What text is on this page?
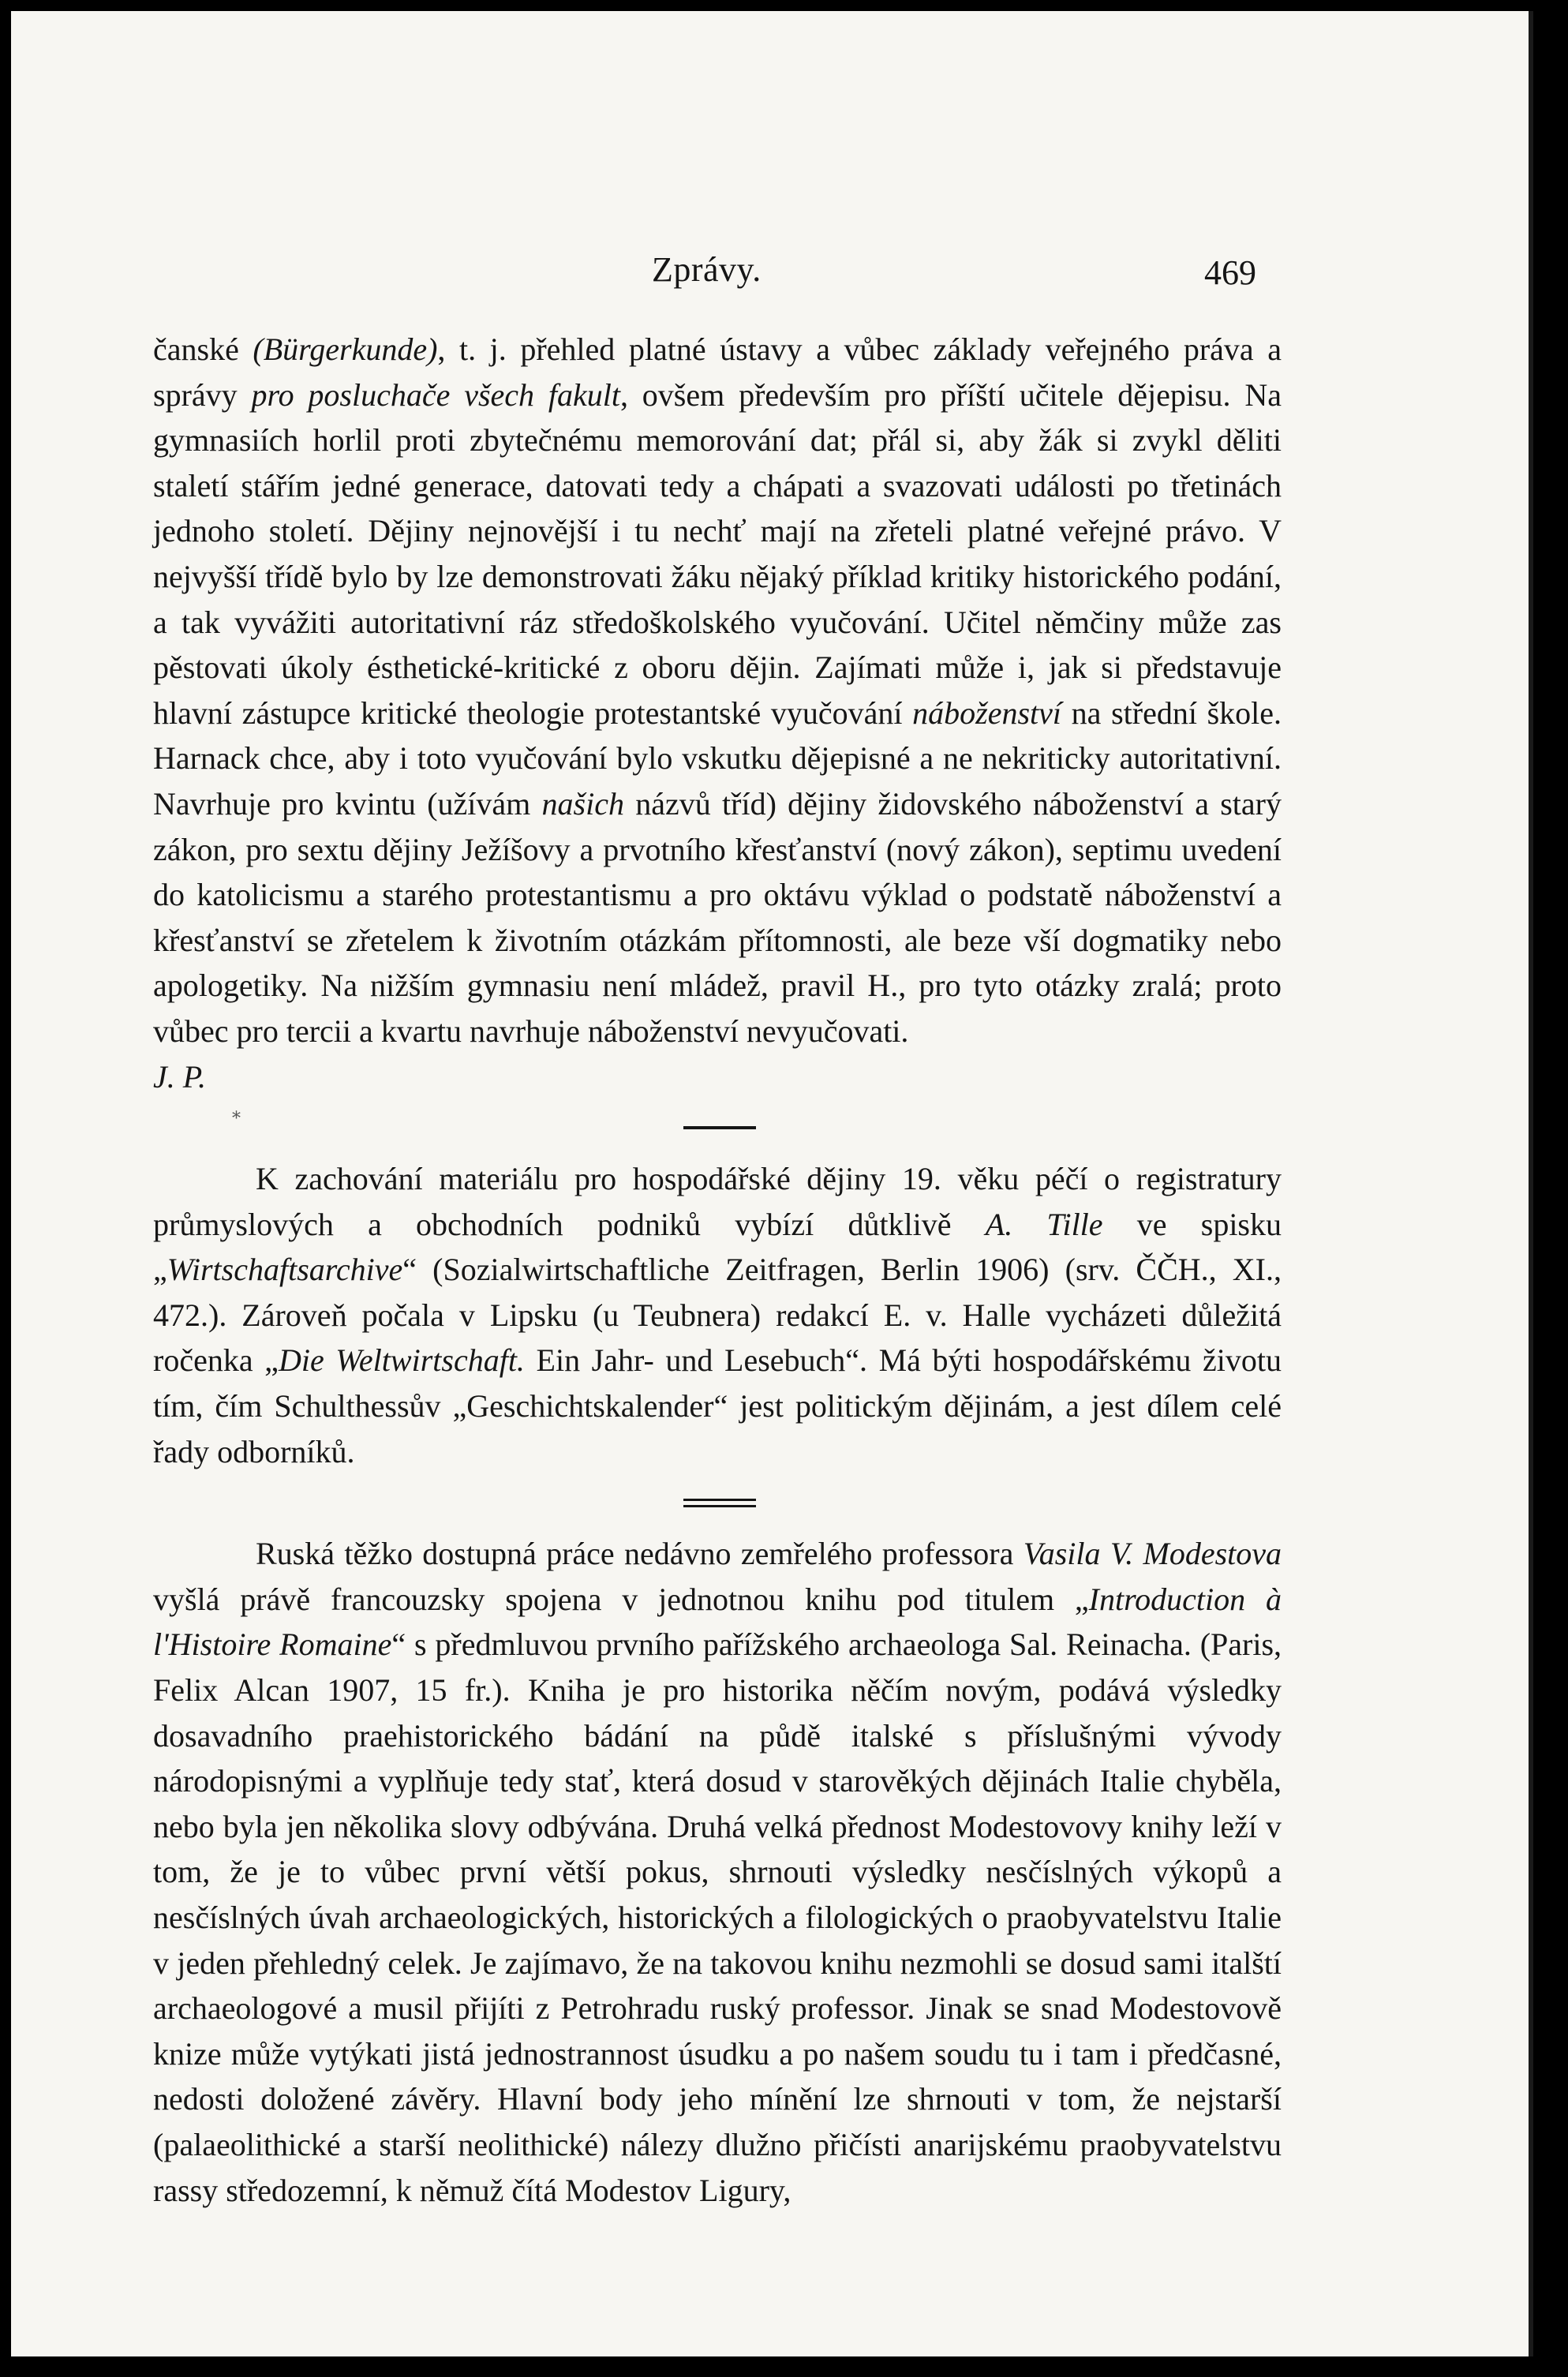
Zprávy.	469
⁎

čanské (Bürgerkunde), t. j. přehled platné ústavy a vůbec základy veřejného práva a správy pro posluchače všech fakult, ovšem především pro příští učitele dějepisu. Na gymnasiích horlil proti zbytečnému memorování dat; přál si, aby žák si zvykl děliti staletí stářím jedné generace, datovati tedy a chápati a svazovati události po třetinách jednoho století. Dějiny nejnovější i tu nechť mají na zřeteli platné veřejné právo. V nejvyšší třídě bylo by lze demonstrovati žáku nějaký příklad kritiky historického podání, a tak vyvážiti autoritativní ráz středoškolského vyučování. Učitel němčiny může zas pěstovati úkoly ésthetické-kritické z oboru dějin. Zajímati může i, jak si představuje hlavní zástupce kritické theologie protestantské vyučování náboženství na střední škole. Harnack chce, aby i toto vyučování bylo vskutku dějepisné a ne nekriticky autoritativní. Navrhuje pro kvintu (užívám našich názvů tříd) dějiny židovského náboženství a starý zákon, pro sextu dějiny Ježíšovy a prvotního křesťanství (nový zákon), septimu uvedení do katolicismu a starého protestantismu a pro oktávu výklad o podstatě náboženství a křesťanství se zřetelem k životním otázkám přítomnosti, ale beze vší dogmatiky nebo apologetiky. Na nižším gymnasiu není mládež, pravil H., pro tyto otázky zralá; proto vůbec pro tercii a kvartu navrhuje náboženství nevyučovati.

J. P.

K zachování materiálu pro hospodářské dějiny 19. věku péčí o registratury průmyslových a obchodních podniků vybízí důtklivě A. Tille ve spisku „Wirtschaftsarchive“ (Sozialwirtschaftliche Zeitfragen, Berlin 1906) (srv. ČČH., XI., 472.). Zároveň počala v Lipsku (u Teubnera) redakcí E. v. Halle vycházeti důležitá ročenka „Die Weltwirtschaft. Ein Jahr- und Lesebuch“. Má býti hospodářskému životu tím, čím Schulthessův „Geschichtskalender“ jest politickým dějinám, a jest dílem celé řady odborníků.

Ruská těžko dostupná práce nedávno zemřelého professora Vasila V. Modestova vyšlá právě francouzsky spojena v jednotnou knihu pod titulem „Introduction à l'Histoire Romaine“ s předmluvou prvního pařížského archaeologa Sal. Reinacha. (Paris, Felix Alcan 1907, 15 fr.). Kniha je pro historika něčím novým, podává výsledky dosavadního praehistorického bádání na půdě italské s příslušnými vývody národopisnými a vyplňuje tedy stať, která dosud v starověkých dějinách Italie chyběla, nebo byla jen několika slovy odbývána. Druhá velká přednost Modestovovy knihy leží v tom, že je to vůbec první větší pokus, shrnouti výsledky nesčíslných výkopů a nesčíslných úvah archaeologických, historických a filologických o praobyvatelstvu Italie v jeden přehledný celek. Je zajímavo, že na takovou knihu nezmohli se dosud sami italští archaeologové a musil přijíti z Petrohradu ruský professor. Jinak se snad Modestovově knize může vytýkati jistá jednostrannost úsudku a po našem soudu tu i tam i předčasné, nedosti doložené závěry. Hlavní body jeho mínění lze shrnouti v tom, že nejstarší (palaeolithické a starší neolithické) nálezy dlužno přičísti anarijskému praobyvatelstvu rassy středozemní, k němuž čítá Modestov Ligury,
